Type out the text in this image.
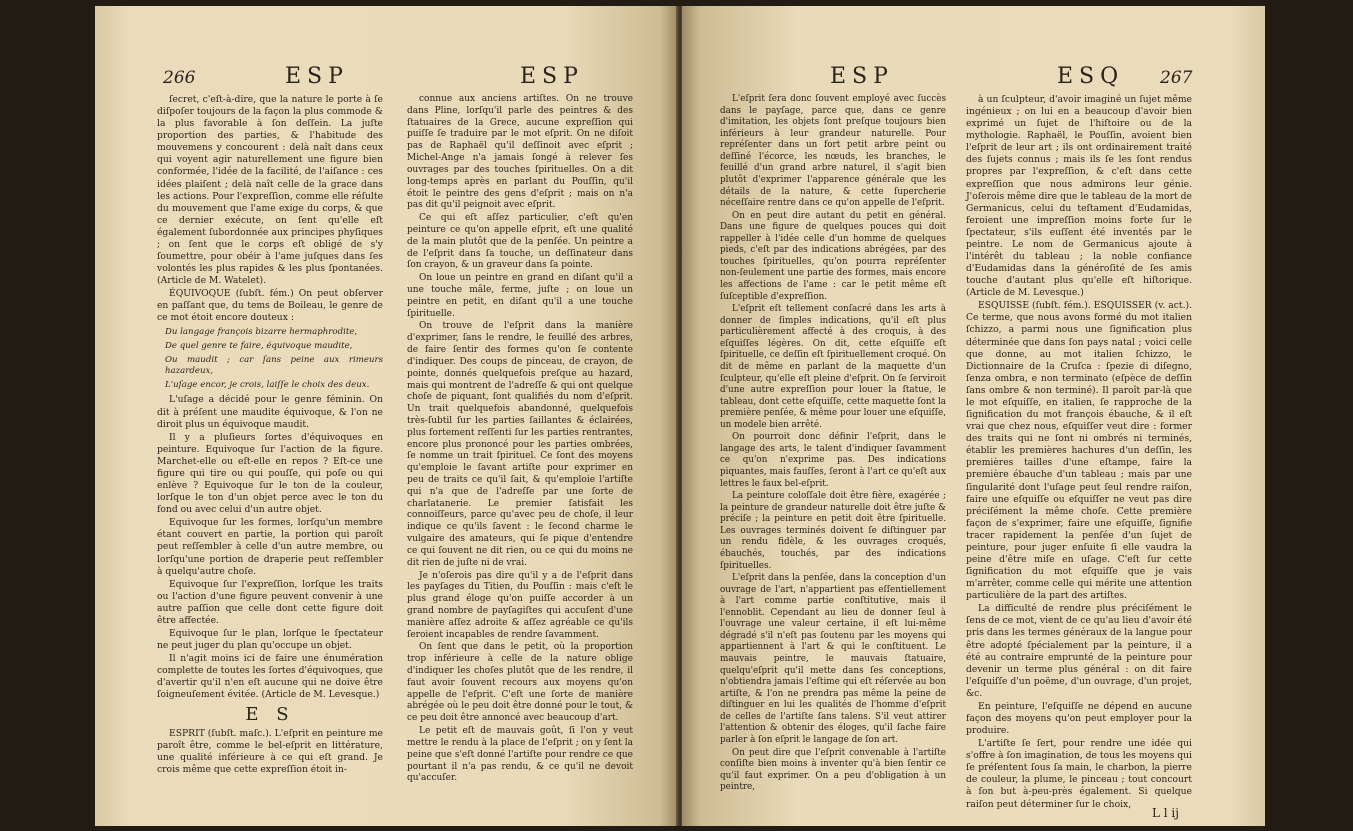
266	ESP	ESP

ſecret, c'eſt-à-dire, que la nature le porte à ſe diſpoſer toujours de la façon la plus commode & la plus favorable à ſon deſſein. La juſte proportion des parties, & l'habitude des mouvemens y concourent : delà naît dans ceux qui voyent agir naturellement une figure bien conformée, l'idée de la facilité, de l'aiſance : ces idées plaiſent ; delà naît celle de la grace dans les actions. Pour l'expreſſion, comme elle réſulte du mouvement que l'ame exige du corps, & que ce dernier exécute, on ſent qu'elle eſt également ſubordonnée aux principes phyſiques ; on ſent que le corps eſt obligé de s'y ſoumettre, pour obéir à l'ame juſques dans ſes volontés les plus rapides & les plus ſpontanées. (Article de M. Watelet).

ÉQUIVOQUE (ſubſt. fém.) On peut obſerver en paſſant que, du tems de Boileau, le genre de ce mot étoit encore douteux :

Du langage françois bizarre hermaphrodite,
De quel genre te faire, équivoque maudite,
Ou maudit ; car ſans peine aux rimeurs hazardeux,
L'uſage encor, je crois, laiſſe le choix des deux.

L'uſage a décidé pour le genre féminin. On dit à préſent une maudite équivoque, & l'on ne diroit plus un équivoque maudit.

Il y a pluſieurs ſortes d'équivoques en peinture. Equivoque ſur l'action de la figure. Marchet-elle ou eſt-elle en repos ? Eſt-ce une figure qui tire ou qui pouſſe, qui poſe ou qui enlève ? Equivoque ſur le ton de la couleur, lorſque le ton d'un objet perce avec le ton du fond ou avec celui d'un autre objet.

Equivoque ſur les formes, lorſqu'un membre étant couvert en partie, la portion qui paroît peut reſſembler à celle d'un autre membre, ou lorſqu'une portion de draperie peut reſſembler à quelqu'autre choſe.

Equivoque ſur l'expreſſion, lorſque les traits ou l'action d'une figure peuvent convenir à une autre paſſion que celle dont cette figure doit être affectée.

Equivoque ſur le plan, lorſque le ſpectateur ne peut juger du plan qu'occupe un objet.

Il n'agit moins ici de faire une énumération complette de toutes les ſortes d'équivoques, que d'avertir qu'il n'en eſt aucune qui ne doive être ſoigneuſement évitée. (Article de M. Levesque.)

E S

ESPRIT (ſubſt. maſc.). L'eſprit en peinture me paroît être, comme le bel-eſprit en littérature, une qualité inférieure à ce qui eſt grand. Je crois même que cette expreſſion étoit in-

connue aux anciens artiſtes. On ne trouve dans Pline, lorſqu'il parle des peintres & des ſtatuaires de la Grece, aucune expreſſion qui puiſſe ſe traduire par le mot eſprit. On ne diſoit pas de Raphaël qu'il deſſinoit avec eſprit ; Michel-Ange n'a jamais ſongé à relever ſes ouvrages par des touches ſpirituelles. On a dit long-temps après en parlant du Pouſſin, qu'il étoit le peintre des gens d'eſprit ; mais on n'a pas dit qu'il peignoit avec eſprit.

Ce qui eſt aſſez particulier, c'eſt qu'en peinture ce qu'on appelle eſprit, eſt une qualité de la main plutôt que de la penſée. Un peintre a de l'eſprit dans ſa touche, un deſſinateur dans ſon crayon, & un graveur dans ſa pointe.

On loue un peintre en grand en diſant qu'il a une touche mâle, ferme, juſte ; on loue un peintre en petit, en diſant qu'il a une touche ſpirituelle.

On trouve de l'eſprit dans la manière d'exprimer, ſans le rendre, le feuillé des arbres, de faire ſentir des formes qu'on ſe contente d'indiquer. Des coups de pinceau, de crayon, de pointe, donnés quelquefois preſque au hazard, mais qui montrent de l'adreſſe & qui ont quelque choſe de piquant, ſont qualifiés du nom d'eſprit. Un trait quelquefois abandonné, quelquefois très-ſubtil ſur les parties ſaillantes & éclairées, plus fortement reſſenti ſur les parties rentrantes, encore plus prononcé pour les parties ombrées, ſe nomme un trait ſpirituel. Ce ſont des moyens qu'emploie le ſavant artiſte pour exprimer en peu de traits ce qu'il ſait, & qu'emploie l'artiſte qui n'a que de l'adreſſe par une ſorte de charlatanerie. Le premier ſatisfait les connoiſſeurs, parce qu'avec peu de choſe, il leur indique ce qu'ils ſavent : le ſecond charme le vulgaire des amateurs, qui ſe pique d'entendre ce qui ſouvent ne dit rien, ou ce qui du moins ne dit rien de juſte ni de vrai.

Je n'oſerois pas dire qu'il y a de l'eſprit dans les payſages du Titien, du Pouſſin : mais c'eſt le plus grand éloge qu'on puiſſe accorder à un grand nombre de payſagiſtes qui accuſent d'une manière aſſez adroite & aſſez agréable ce qu'ils ſeroient incapables de rendre ſavamment.

On ſent que dans le petit, où la proportion trop inférieure à celle de la nature oblige d'indiquer les choſes plutôt que de les rendre, il faut avoir ſouvent recours aux moyens qu'on appelle de l'eſprit. C'eſt une ſorte de manière abrégée où le peu doit être donné pour le tout, & ce peu doit être annoncé avec beaucoup d'art.

Le petit eſt de mauvais goût, ſi l'on y veut mettre le rendu à la place de l'eſprit ; on y ſent la peine que s'eſt donné l'artiſte pour rendre ce que pourtant il n'a pas rendu, & ce qu'il ne devoit qu'accuſer.

ESP	ESQ 267

L'eſprit ſera donc ſouvent employé avec ſuccès dans le payſage, parce que, dans ce genre d'imitation, les objets ſont preſque toujours bien inférieurs à leur grandeur naturelle. Pour repréſenter dans un fort petit arbre peint ou deſſiné l'écorce, les nœuds, les branches, le feuillé d'un grand arbre naturel, il s'agit bien plutôt d'exprimer l'apparence générale que les détails de la nature, & cette ſupercherie néceſſaire rentre dans ce qu'on appelle de l'eſprit.

On en peut dire autant du petit en général. Dans une figure de quelques pouces qui doit rappeller à l'idée celle d'un homme de quelques pieds, c'eſt par des indications abrégées, par des touches ſpirituelles, qu'on pourra repréſenter non-ſeulement une partie des formes, mais encore les affections de l'ame : car le petit même eſt ſuſceptible d'expreſſion.

L'eſprit eſt tellement conſacré dans les arts à donner de ſimples indications, qu'il eſt plus particulièrement affecté à des croquis, à des eſquiſſes légères. On dit, cette eſquiſſe eſt ſpirituelle, ce deſſin eſt ſpirituellement croqué. On dit de même en parlant de la maquette d'un ſculpteur, qu'elle eſt pleine d'eſprit. On ſe ſerviroit d'une autre expreſſion pour louer la ſtatue, le tableau, dont cette eſquiſſe, cette maquette ſont la première penſée, & même pour louer une eſquiſſe, un modele bien arrêté.

On pourroit donc définir l'eſprit, dans le langage des arts, le talent d'indiquer ſavamment ce qu'on n'exprime pas. Des indications piquantes, mais fauſſes, ſeront à l'art ce qu'eſt aux lettres le faux bel-eſprit.

La peinture coloſſale doit être fière, exagérée ; la peinture de grandeur naturelle doit être juſte & préciſe ; la peinture en petit doit être ſpirituelle. Les ouvrages terminés doivent ſe diſtinguer par un rendu fidèle, & les ouvrages croqués, ébauchés, touchés, par des indications ſpirituelles.

L'eſprit dans la penſée, dans la conception d'un ouvrage de l'art, n'appartient pas eſſentiellement à l'art comme partie conſtitutive, mais il l'ennoblit. Cependant au lieu de donner ſeul à l'ouvrage une valeur certaine, il eſt lui-même dégradé s'il n'eſt pas ſoutenu par les moyens qui appartiennent à l'art & qui le conſtituent. Le mauvais peintre, le mauvais ſtatuaire, quelqu'eſprit qu'il mette dans ſes conceptions, n'obtiendra jamais l'eſtime qui eſt réſervée au bon artiſte, & l'on ne prendra pas même la peine de diſtinguer en lui les qualités de l'homme d'eſprit de celles de l'artiſte ſans talens. S'il veut attirer l'attention & obtenir des éloges, qu'il ſache faire parler à ſon eſprit le langage de ſon art.

On peut dire que l'eſprit convenable à l'artiſte conſiſte bien moins à inventer qu'à bien ſentir ce qu'il faut exprimer. On a peu d'obligation à un peintre,

à un ſculpteur, d'avoir imaginé un ſujet même ingénieux ; on lui en a beaucoup d'avoir bien exprimé un ſujet de l'hiſtoire ou de la mythologie. Raphaël, le Pouſſin, avoient bien l'eſprit de leur art ; ils ont ordinairement traité des ſujets connus ; mais ils ſe les ſont rendus propres par l'expreſſion, & c'eſt dans cette expreſſion que nous admirons leur génie. J'oſerois même dire que le tableau de la mort de Germanicus, celui du teſtament d'Eudamidas, feroient une impreſſion moins forte ſur le ſpectateur, s'ils euſſent été inventés par le peintre. Le nom de Germanicus ajoute à l'intérêt du tableau ; la noble confiance d'Eudamidas dans la généroſité de ſes amis touche d'autant plus qu'elle eſt hiſtorique. (Article de M. Levesque.)

ESQUISSE (ſubſt. fém.). ESQUISSER (v. act.). Ce terme, que nous avons formé du mot italien ſchizzo, a parmi nous une ſignification plus déterminée que dans ſon pays natal ; voici celle que donne, au mot italien ſchizzo, le Dictionnaire de la Cruſca : ſpezie di diſegno, ſenza ombra, e non terminato (eſpèce de deſſin ſans ombre & non terminé). Il paroît par-là que le mot eſquiſſe, en italien, ſe rapproche de la ſignification du mot françois ébauche, & il eſt vrai que chez nous, eſquiſſer veut dire : former des traits qui ne ſont ni ombrés ni terminés, établir les premières hachures d'un deſſin, les premières tailles d'une eſtampe, faire la première ébauche d'un tableau ; mais par une ſingularité dont l'uſage peut ſeul rendre raiſon, faire une eſquiſſe ou eſquiſſer ne veut pas dire préciſément la même choſe. Cette première façon de s'exprimer, faire une eſquiſſe, ſignifie tracer rapidement la penſée d'un ſujet de peinture, pour juger enſuite ſi elle vaudra la peine d'être miſe en uſage. C'eſt ſur cette ſignification du mot eſquiſſe que je vais m'arrêter, comme celle qui mérite une attention particulière de la part des artiſtes.

La difficulté de rendre plus préciſément le ſens de ce mot, vient de ce qu'au lieu d'avoir été pris dans les termes généraux de la langue pour être adopté ſpécialement par la peinture, il a été au contraire emprunté de la peinture pour devenir un terme plus général : on dit faire l'eſquiſſe d'un poëme, d'un ouvrage, d'un projet, &c.

En peinture, l'eſquiſſe ne dépend en aucune façon des moyens qu'on peut employer pour la produire.

L'artiſte ſe ſert, pour rendre une idée qui s'offre à ſon imagination, de tous les moyens qui ſe préſentent ſous ſa main, le charbon, la pierre de couleur, la plume, le pinceau ; tout concourt à ſon but à-peu-près également. Si quelque raiſon peut déterminer ſur le choix,

L l ij
